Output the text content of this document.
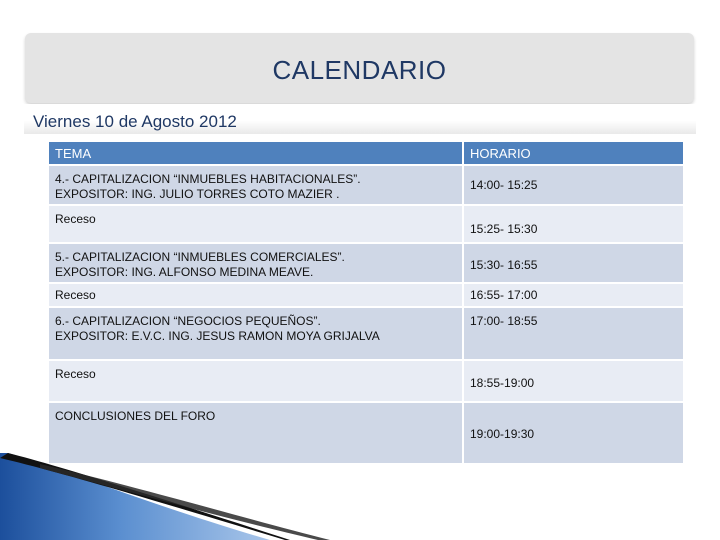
CALENDARIO
Viernes 10 de Agosto 2012
TEMA	HORARIO

4.- CAPITALIZACION “INMUEBLES HABITACIONALES”.
EXPOSITOR: ING. JULIO TORRES COTO MAZIER .	14:00- 15:25

Receso	15:25- 15:30

5.- CAPITALIZACION “INMUEBLES COMERCIALES”.
EXPOSITOR: ING. ALFONSO MEDINA MEAVE.	15:30- 16:55
Receso	16:55- 17:00

6.- CAPITALIZACION “NEGOCIOS PEQUEÑOS”.
EXPOSITOR: E.V.C. ING. JESUS RAMON MOYA GRIJALVA	17:00- 18:55
Receso	18:55-19:00
CONCLUSIONES DEL FORO	19:00-19:30
